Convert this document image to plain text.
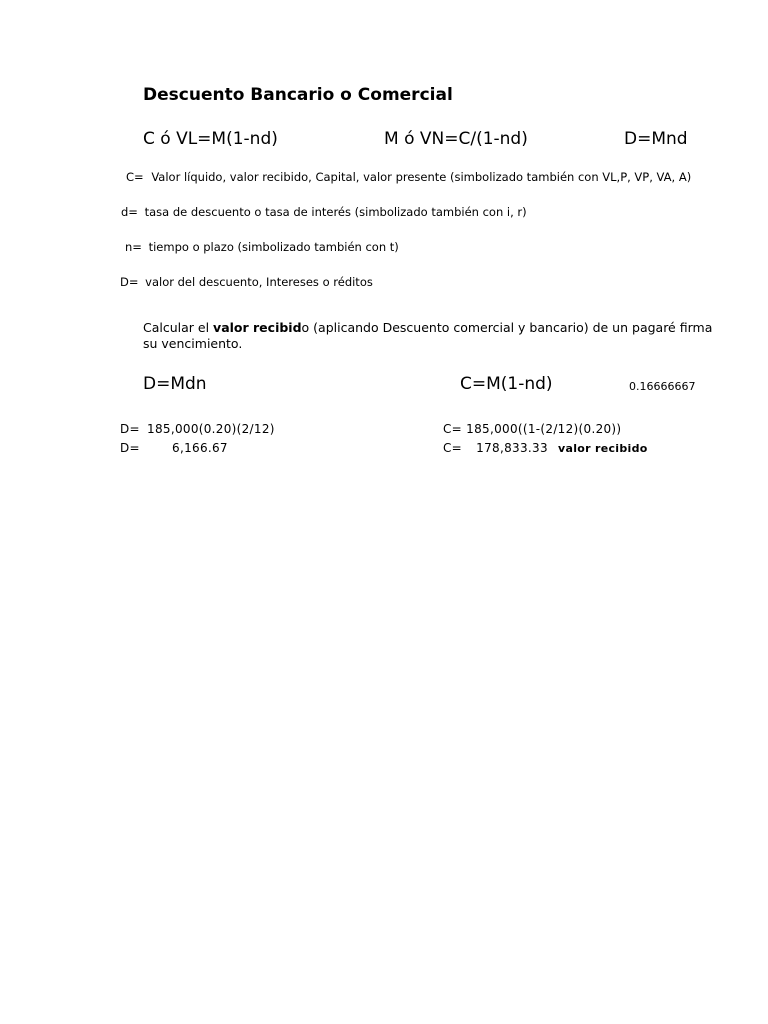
Descuento Bancario o Comercial
C ó VL=M(1-nd)	M ó VN=C/(1-nd)	D=Mnd
C= Valor líquido, valor recibido, Capital, valor presente (simbolizado también con VL,P, VP, VA, A)
d= tasa de descuento o tasa de interés (simbolizado también con i, r)
n= tiempo o plazo (simbolizado también con t)
D= valor del descuento, Intereses o réditos
Calcular el valor recibido (aplicando Descuento comercial y bancario) de un pagaré firma
su vencimiento.
D=Mdn	C=M(1-nd)	0.16666667
D= 185,000(0.20)(2/12)
D=	6,166.67
C= 185,000((1-(2/12)(0.20))
C= 178,833.33 valor recibido
